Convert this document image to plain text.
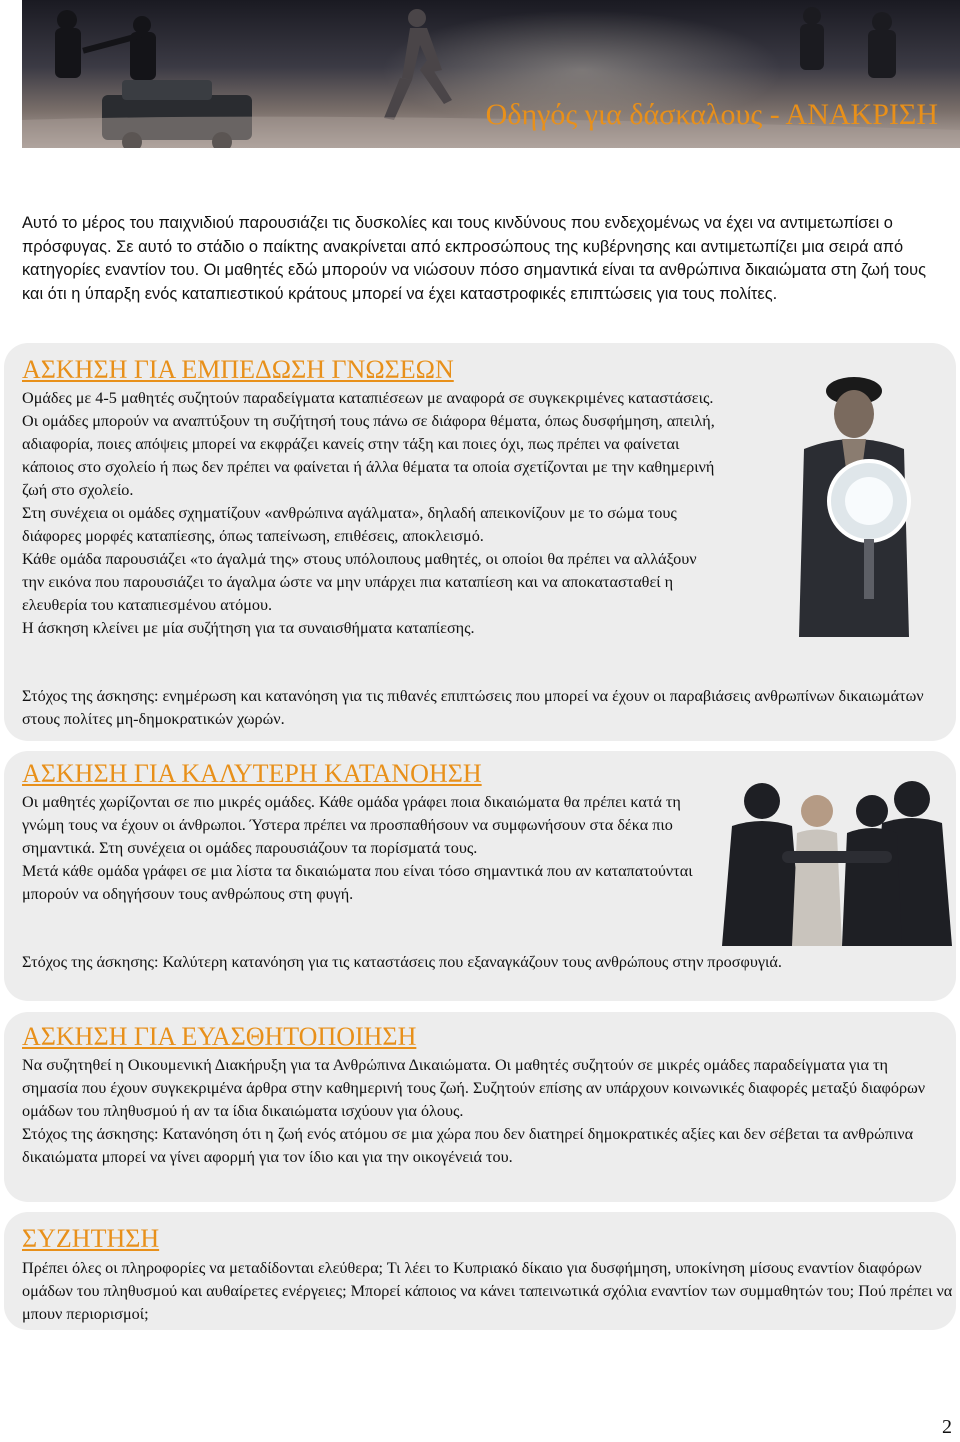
Οδηγός για δάσκαλους - ΑΝΑΚΡΙΣΗ
Αυτό το μέρος του παιχνιδιού παρουσιάζει τις δυσκολίες και τους κινδύνους που ενδεχομένως να έχει να αντιμετωπίσει ο πρόσφυγας. Σε αυτό το στάδιο ο παίκτης ανακρίνεται από εκπροσώπους της κυβέρνησης και αντιμετωπίζει μια σειρά από κατηγορίες εναντίον του. Οι μαθητές εδώ μπορούν να νιώσουν πόσο σημαντικά είναι τα ανθρώπινα δικαιώματα στη ζωή τους και ότι η ύπαρξη ενός καταπιεστικού κράτους μπορεί να έχει καταστροφικές επιπτώσεις για τους πολίτες.
ΑΣΚΗΣΗ ΓΙΑ ΕΜΠΕΔΩΣΗ ΓΝΩΣΕΩΝ

Ομάδες με 4-5 μαθητές συζητούν παραδείγματα καταπιέσεων με αναφορά σε συγκεκριμένες καταστάσεις. Οι ομάδες μπορούν να αναπτύξουν τη συζήτησή τους πάνω σε διάφορα θέματα, όπως δυσφήμηση, απειλή, αδιαφορία, ποιες απόψεις μπορεί να εκφράζει κανείς στην τάξη και ποιες όχι, πως πρέπει να φαίνεται κάποιος στο σχολείο ή πως δεν πρέπει να φαίνεται ή άλλα θέματα τα οποία σχετίζονται με την καθημερινή ζωή στο σχολείο.

Στη συνέχεια οι ομάδες σχηματίζουν «ανθρώπινα αγάλματα», δηλαδή απεικονίζουν με το σώμα τους διάφορες μορφές καταπίεσης, όπως ταπείνωση, επιθέσεις, αποκλεισμό.

Κάθε ομάδα παρουσιάζει «το άγαλμά της» στους υπόλοιπους μαθητές, οι οποίοι θα πρέπει να αλλάξουν την εικόνα που παρουσιάζει το άγαλμα ώστε να μην υπάρχει πια καταπίεση και να αποκατασταθεί η ελευθερία του καταπιεσμένου ατόμου.

Η άσκηση κλείνει με μία συζήτηση για τα συναισθήματα καταπίεσης.

Στόχος της άσκησης: ενημέρωση και κατανόηση για τις πιθανές επιπτώσεις που μπορεί να έχουν οι παραβιάσεις ανθρωπίνων δικαιωμάτων στους πολίτες μη-δημοκρατικών χωρών.

ΑΣΚΗΣΗ ΓΙΑ ΚΑΛΥΤΕΡΗ ΚΑΤΑΝΟΗΣΗ

Οι μαθητές χωρίζονται σε πιο μικρές ομάδες. Κάθε ομάδα γράφει ποια δικαιώματα θα πρέπει κατά τη γνώμη τους να έχουν οι άνθρωποι. Ύστερα πρέπει να προσπαθήσουν να συμφωνήσουν στα δέκα πιο σημαντικά. Στη συνέχεια οι ομάδες παρουσιάζουν τα πορίσματά τους.

Μετά κάθε ομάδα γράφει σε μια λίστα τα δικαιώματα που είναι τόσο σημαντικά που αν καταπατούνται μπορούν να οδηγήσουν τους ανθρώπους στη φυγή.

Στόχος της άσκησης: Καλύτερη κατανόηση για τις καταστάσεις που εξαναγκάζουν τους ανθρώπους στην προσφυγιά.

ΑΣΚΗΣΗ ΓΙΑ ΕΥΑΣΘΗΤΟΠΟΙΗΣΗ

Να συζητηθεί η Οικουμενική Διακήρυξη για τα Ανθρώπινα Δικαιώματα. Οι μαθητές συζητούν σε μικρές ομάδες παραδείγματα για τη σημασία που έχουν συγκεκριμένα άρθρα στην καθημερινή τους ζωή. Συζητούν επίσης αν υπάρχουν κοινωνικές διαφορές μεταξύ διαφόρων ομάδων του πληθυσμού ή αν τα ίδια δικαιώματα ισχύουν για όλους.

Στόχος της άσκησης: Κατανόηση ότι η ζωή ενός ατόμου σε μια χώρα που δεν διατηρεί δημοκρατικές αξίες και δεν σέβεται τα ανθρώπινα δικαιώματα μπορεί να γίνει αφορμή για τον ίδιο και για την οικογένειά του.

ΣΥΖΗΤΗΣΗ

Πρέπει όλες οι πληροφορίες να μεταδίδονται ελεύθερα; Τι λέει το Κυπριακό δίκαιο για δυσφήμηση, υποκίνηση μίσους εναντίον διαφόρων ομάδων του πληθυσμού και αυθαίρετες ενέργειες; Μπορεί κάποιος να κάνει ταπεινωτικά σχόλια εναντίον των συμμαθητών του; Πού πρέπει να μπουν περιορισμοί;

2
